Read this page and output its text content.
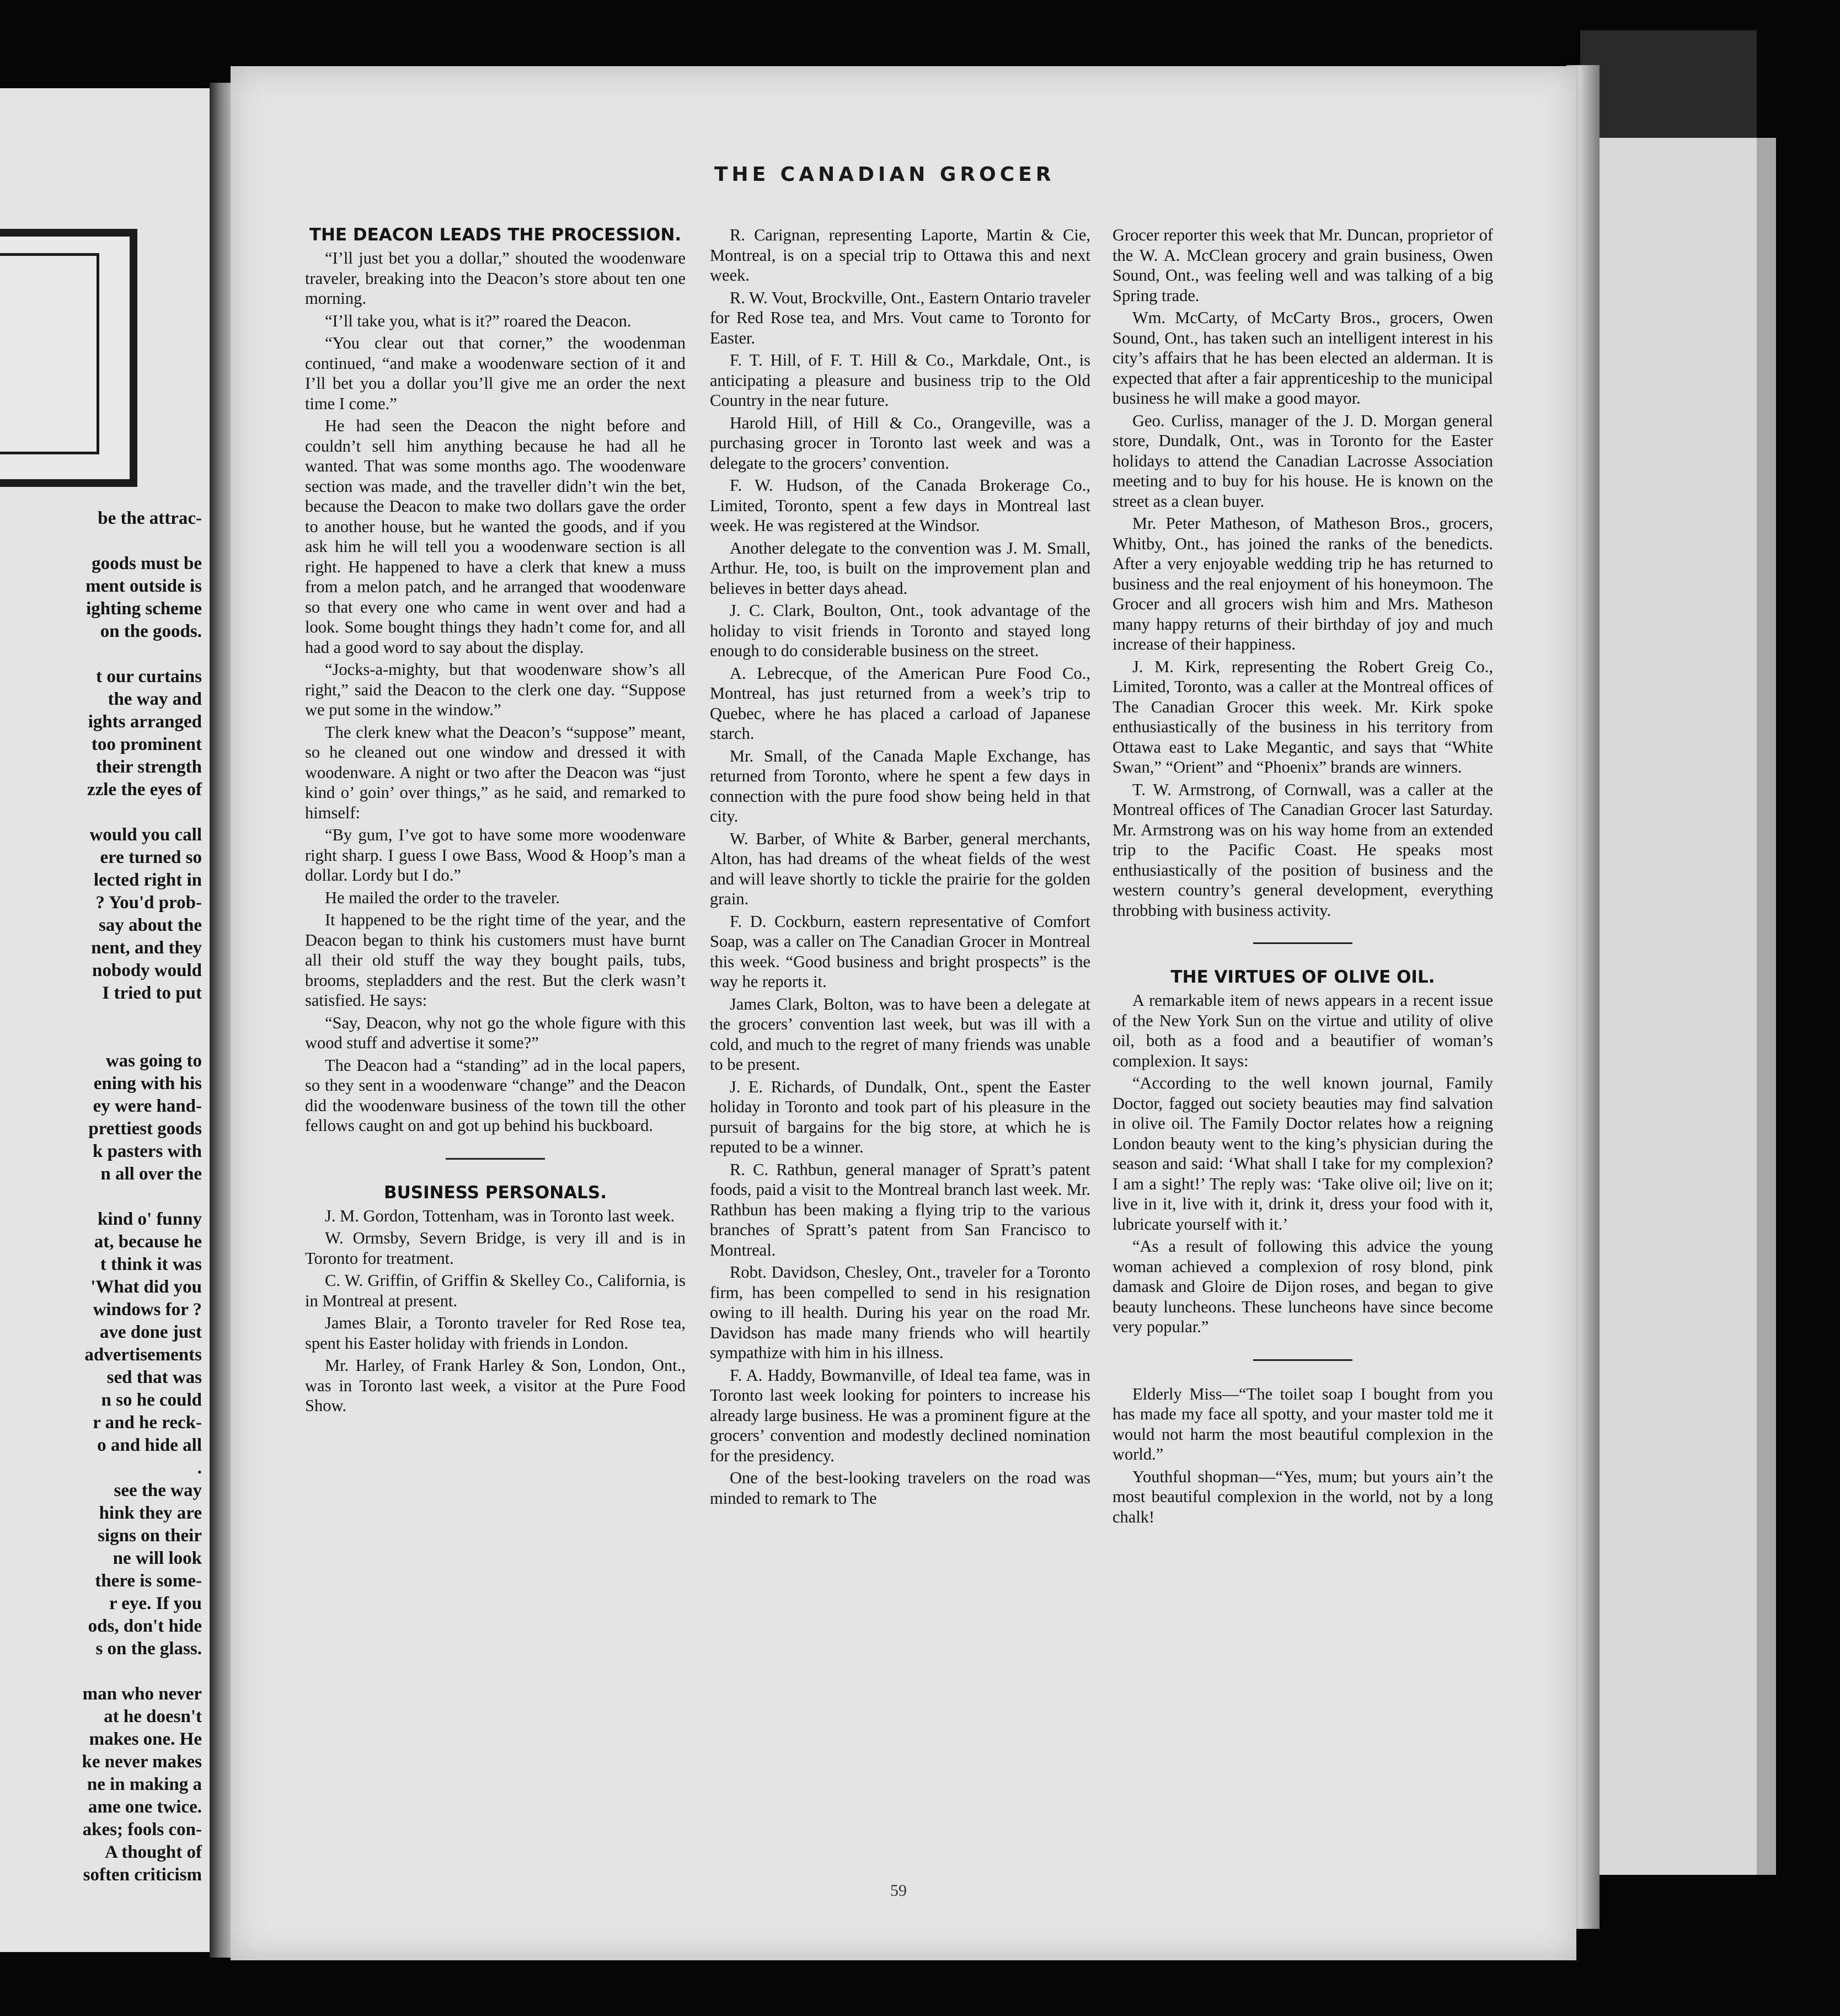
be the attrac-
goods must be
ment outside is
ighting scheme
on the goods.
t our curtains
the way and
ights arranged
too prominent
their strength
zzle the eyes of
would you call
ere turned so
lected right in
? You'd prob-
say about the
nent, and they
nobody would
I tried to put
was going to
ening with his
ey were hand-
prettiest goods
k pasters with
n all over the
kind o' funny
at, because he
t think it was
'What did you
windows for ?
ave done just
advertisements
sed that was
n so he could
r and he reck-
o and hide all
.
see the way
hink they are
signs on their
ne will look
there is some-
r eye. If you
ods, don't hide
s on the glass.
man who never
at he doesn't
makes one. He
ke never makes
ne in making a
ame one twice.
akes; fools con-
A thought of
soften criticism
THE CANADIAN GROCER
THE DEACON LEADS THE PROCESSION.

“I’ll just bet you a dollar,” shouted the woodenware traveler, breaking into the Deacon’s store about ten one morning.

“I’ll take you, what is it?” roared the Deacon.

“You clear out that corner,” the woodenman continued, “and make a woodenware section of it and I’ll bet you a dollar you’ll give me an order the next time I come.”

He had seen the Deacon the night before and couldn’t sell him anything because he had all he wanted. That was some months ago. The woodenware section was made, and the traveller didn’t win the bet, because the Deacon to make two dollars gave the order to another house, but he wanted the goods, and if you ask him he will tell you a woodenware section is all right. He happened to have a clerk that knew a muss from a melon patch, and he arranged that woodenware so that every one who came in went over and had a look. Some bought things they hadn’t come for, and all had a good word to say about the display.

“Jocks-a-mighty, but that woodenware show’s all right,” said the Deacon to the clerk one day. “Suppose we put some in the window.”

The clerk knew what the Deacon’s “suppose” meant, so he cleaned out one window and dressed it with woodenware. A night or two after the Deacon was “just kind o’ goin’ over things,” as he said, and remarked to himself:

“By gum, I’ve got to have some more woodenware right sharp. I guess I owe Bass, Wood & Hoop’s man a dollar. Lordy but I do.”

He mailed the order to the traveler.

It happened to be the right time of the year, and the Deacon began to think his customers must have burnt all their old stuff the way they bought pails, tubs, brooms, stepladders and the rest. But the clerk wasn’t satisfied. He says:

“Say, Deacon, why not go the whole figure with this wood stuff and advertise it some?”

The Deacon had a “standing” ad in the local papers, so they sent in a woodenware “change” and the Deacon did the woodenware business of the town till the other fellows caught on and got up behind his buckboard.

BUSINESS PERSONALS.

J. M. Gordon, Tottenham, was in Toronto last week.

W. Ormsby, Severn Bridge, is very ill and is in Toronto for treatment.

C. W. Griffin, of Griffin & Skelley Co., California, is in Montreal at present.

James Blair, a Toronto traveler for Red Rose tea, spent his Easter holiday with friends in London.

Mr. Harley, of Frank Harley & Son, London, Ont., was in Toronto last week, a visitor at the Pure Food Show.

R. Carignan, representing Laporte, Martin & Cie, Montreal, is on a special trip to Ottawa this and next week.

R. W. Vout, Brockville, Ont., Eastern Ontario traveler for Red Rose tea, and Mrs. Vout came to Toronto for Easter.

F. T. Hill, of F. T. Hill & Co., Markdale, Ont., is anticipating a pleasure and business trip to the Old Country in the near future.

Harold Hill, of Hill & Co., Orangeville, was a purchasing grocer in Toronto last week and was a delegate to the grocers’ convention.

F. W. Hudson, of the Canada Brokerage Co., Limited, Toronto, spent a few days in Montreal last week. He was registered at the Windsor.

Another delegate to the convention was J. M. Small, Arthur. He, too, is built on the improvement plan and believes in better days ahead.

J. C. Clark, Boulton, Ont., took advantage of the holiday to visit friends in Toronto and stayed long enough to do considerable business on the street.

A. Lebrecque, of the American Pure Food Co., Montreal, has just returned from a week’s trip to Quebec, where he has placed a carload of Japanese starch.

Mr. Small, of the Canada Maple Exchange, has returned from Toronto, where he spent a few days in connection with the pure food show being held in that city.

W. Barber, of White & Barber, general merchants, Alton, has had dreams of the wheat fields of the west and will leave shortly to tickle the prairie for the golden grain.

F. D. Cockburn, eastern representative of Comfort Soap, was a caller on The Canadian Grocer in Montreal this week. “Good business and bright prospects” is the way he reports it.

James Clark, Bolton, was to have been a delegate at the grocers’ convention last week, but was ill with a cold, and much to the regret of many friends was unable to be present.

J. E. Richards, of Dundalk, Ont., spent the Easter holiday in Toronto and took part of his pleasure in the pursuit of bargains for the big store, at which he is reputed to be a winner.

R. C. Rathbun, general manager of Spratt’s patent foods, paid a visit to the Montreal branch last week. Mr. Rathbun has been making a flying trip to the various branches of Spratt’s patent from San Francisco to Montreal.

Robt. Davidson, Chesley, Ont., traveler for a Toronto firm, has been compelled to send in his resignation owing to ill health. During his year on the road Mr. Davidson has made many friends who will heartily sympathize with him in his illness.

F. A. Haddy, Bowmanville, of Ideal tea fame, was in Toronto last week looking for pointers to increase his already large business. He was a prominent figure at the grocers’ convention and modestly declined nomination for the presidency.

One of the best-looking travelers on the road was minded to remark to The

Grocer reporter this week that Mr. Duncan, proprietor of the W. A. McClean grocery and grain business, Owen Sound, Ont., was feeling well and was talking of a big Spring trade.

Wm. McCarty, of McCarty Bros., grocers, Owen Sound, Ont., has taken such an intelligent interest in his city’s affairs that he has been elected an alderman. It is expected that after a fair apprenticeship to the municipal business he will make a good mayor.

Geo. Curliss, manager of the J. D. Morgan general store, Dundalk, Ont., was in Toronto for the Easter holidays to attend the Canadian Lacrosse Association meeting and to buy for his house. He is known on the street as a clean buyer.

Mr. Peter Matheson, of Matheson Bros., grocers, Whitby, Ont., has joined the ranks of the benedicts. After a very enjoyable wedding trip he has returned to business and the real enjoyment of his honeymoon. The Grocer and all grocers wish him and Mrs. Matheson many happy returns of their birthday of joy and much increase of their happiness.

J. M. Kirk, representing the Robert Greig Co., Limited, Toronto, was a caller at the Montreal offices of The Canadian Grocer this week. Mr. Kirk spoke enthusiastically of the business in his territory from Ottawa east to Lake Megantic, and says that “White Swan,” “Orient” and “Phoenix” brands are winners.

T. W. Armstrong, of Cornwall, was a caller at the Montreal offices of The Canadian Grocer last Saturday. Mr. Armstrong was on his way home from an extended trip to the Pacific Coast. He speaks most enthusiastically of the position of business and the western country’s general development, everything throbbing with business activity.

THE VIRTUES OF OLIVE OIL.

A remarkable item of news appears in a recent issue of the New York Sun on the virtue and utility of olive oil, both as a food and a beautifier of woman’s complexion. It says:

“According to the well known journal, Family Doctor, fagged out society beauties may find salvation in olive oil. The Family Doctor relates how a reigning London beauty went to the king’s physician during the season and said: ‘What shall I take for my complexion? I am a sight!’ The reply was: ‘Take olive oil; live on it; live in it, live with it, drink it, dress your food with it, lubricate yourself with it.’

“As a result of following this advice the young woman achieved a complexion of rosy blond, pink damask and Gloire de Dijon roses, and began to give beauty luncheons. These luncheons have since become very popular.”

Elderly Miss—“The toilet soap I bought from you has made my face all spotty, and your master told me it would not harm the most beautiful complexion in the world.”

Youthful shopman—“Yes, mum; but yours ain’t the most beautiful complexion in the world, not by a long chalk!

59
